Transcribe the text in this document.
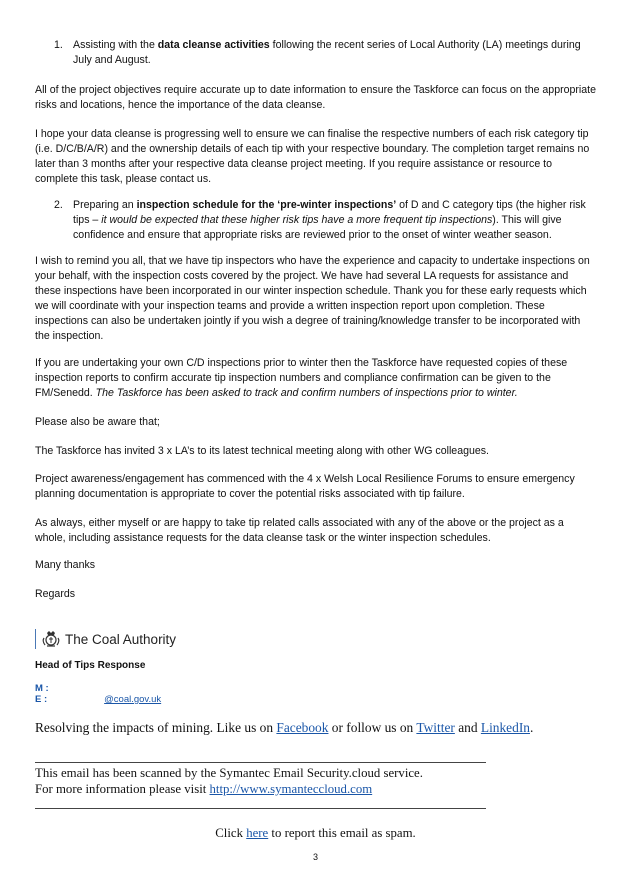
1. Assisting with the data cleanse activities following the recent series of Local Authority (LA) meetings during July and August.

All of the project objectives require accurate up to date information to ensure the Taskforce can focus on the appropriate risks and locations, hence the importance of the data cleanse.

I hope your data cleanse is progressing well to ensure we can finalise the respective numbers of each risk category tip (i.e. D/C/B/A/R) and the ownership details of each tip with your respective boundary. The completion target remains no later than 3 months after your respective data cleanse project meeting. If you require assistance or resource to complete this task, please contact us.

2. Preparing an inspection schedule for the ‘pre-winter inspections’ of D and C category tips (the higher risk tips – it would be expected that these higher risk tips have a more frequent tip inspections). This will give confidence and ensure that appropriate risks are reviewed prior to the onset of winter weather season.

I wish to remind you all, that we have tip inspectors who have the experience and capacity to undertake inspections on your behalf, with the inspection costs covered by the project. We have had several LA requests for assistance and these inspections have been incorporated in our winter inspection schedule. Thank you for these early requests which we will coordinate with your inspection teams and provide a written inspection report upon completion. These inspections can also be undertaken jointly if you wish a degree of training/knowledge transfer to be incorporated with the inspection.

If you are undertaking your own C/D inspections prior to winter then the Taskforce have requested copies of these inspection reports to confirm accurate tip inspection numbers and compliance confirmation can be given to the FM/Senedd. The Taskforce has been asked to track and confirm numbers of inspections prior to winter.

Please also be aware that;

The Taskforce has invited 3 x LA’s to its latest technical meeting along with other WG colleagues.

Project awareness/engagement has commenced with the 4 x Welsh Local Resilience Forums to ensure emergency planning documentation is appropriate to cover the potential risks associated with tip failure.

As always, either myself or are happy to take tip related calls associated with any of the above or the project as a whole, including assistance requests for the data cleanse task or the winter inspection schedules.

Many thanks

Regards

The Coal Authority
Head of Tips Response
M :
E :	@coal.gov.uk

Resolving the impacts of mining. Like us on Facebook or follow us on Twitter and LinkedIn.

This email has been scanned by the Symantec Email Security.cloud service.

For more information please visit http://www.symanteccloud.com

Click here to report this email as spam.

3
